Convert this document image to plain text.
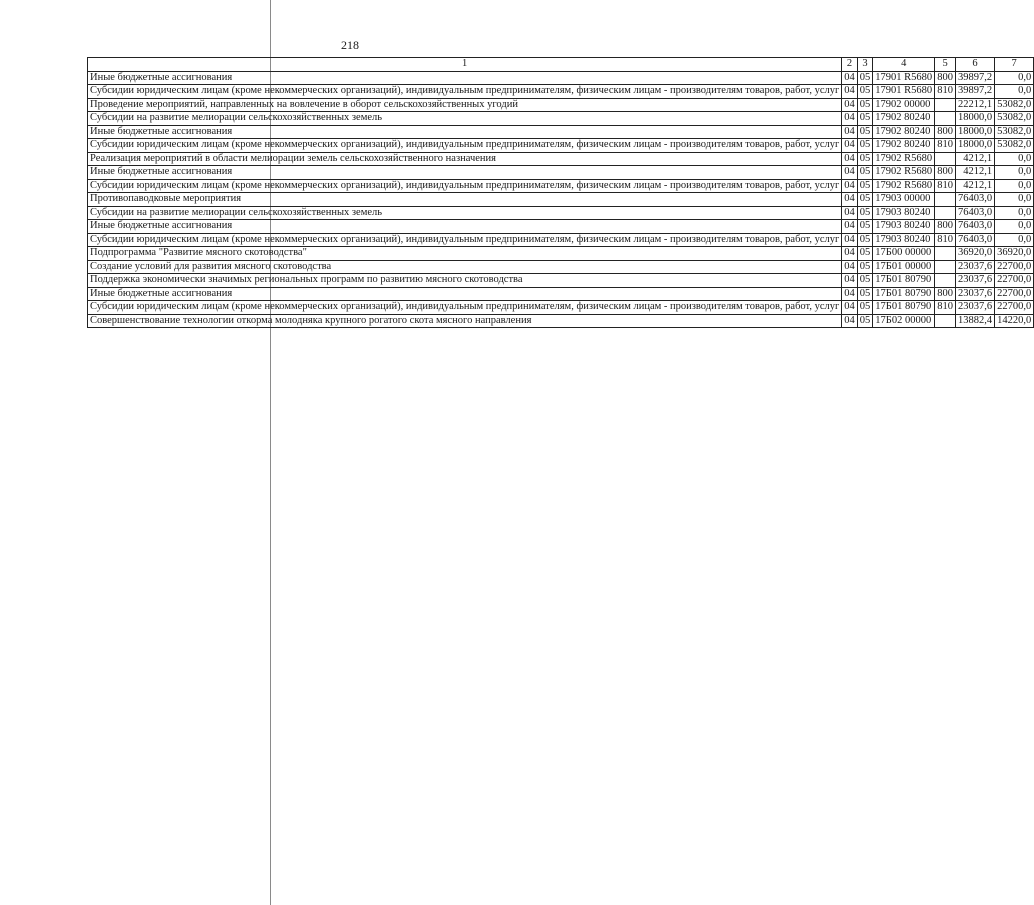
218
1	2	3	4	5	6	7
Иные бюджетные ассигнования	04	05	17901 R5680	800	39897,2	0,0
Субсидии юридическим лицам (кроме некоммерческих организаций), индивидуальным предпринимателям, физическим лицам - производителям товаров, работ, услуг	04	05	17901 R5680	810	39897,2	0,0
Проведение мероприятий, направленных на вовлечение в оборот сельскохозяйственных угодий	04	05	17902 00000		22212,1	53082,0
Субсидии на развитие мелиорации сельскохозяйственных земель	04	05	17902 80240		18000,0	53082,0
Иные бюджетные ассигнования	04	05	17902 80240	800	18000,0	53082,0
Субсидии юридическим лицам (кроме некоммерческих организаций), индивидуальным предпринимателям, физическим лицам - производителям товаров, работ, услуг	04	05	17902 80240	810	18000,0	53082,0
Реализация мероприятий в области мелиорации земель сельскохозяйственного назначения	04	05	17902 R5680		4212,1	0,0
Иные бюджетные ассигнования	04	05	17902 R5680	800	4212,1	0,0
Субсидии юридическим лицам (кроме некоммерческих организаций), индивидуальным предпринимателям, физическим лицам - производителям товаров, работ, услуг	04	05	17902 R5680	810	4212,1	0,0
Противопаводковые мероприятия	04	05	17903 00000		76403,0	0,0
Субсидии на развитие мелиорации сельскохозяйственных земель	04	05	17903 80240		76403,0	0,0
Иные бюджетные ассигнования	04	05	17903 80240	800	76403,0	0,0
Субсидии юридическим лицам (кроме некоммерческих организаций), индивидуальным предпринимателям, физическим лицам - производителям товаров, работ, услуг	04	05	17903 80240	810	76403,0	0,0
Подпрограмма "Развитие мясного скотоводства"	04	05	17Б00 00000		36920,0	36920,0
Создание условий для развития мясного скотоводства	04	05	17Б01 00000		23037,6	22700,0
Поддержка экономически значимых региональных программ по развитию мясного скотоводства	04	05	17Б01 80790		23037,6	22700,0
Иные бюджетные ассигнования	04	05	17Б01 80790	800	23037,6	22700,0
Субсидии юридическим лицам (кроме некоммерческих организаций), индивидуальным предпринимателям, физическим лицам - производителям товаров, работ, услуг	04	05	17Б01 80790	810	23037,6	22700,0
Совершенствование технологии откорма молодняка крупного рогатого скота мясного направления	04	05	17Б02 00000		13882,4	14220,0
